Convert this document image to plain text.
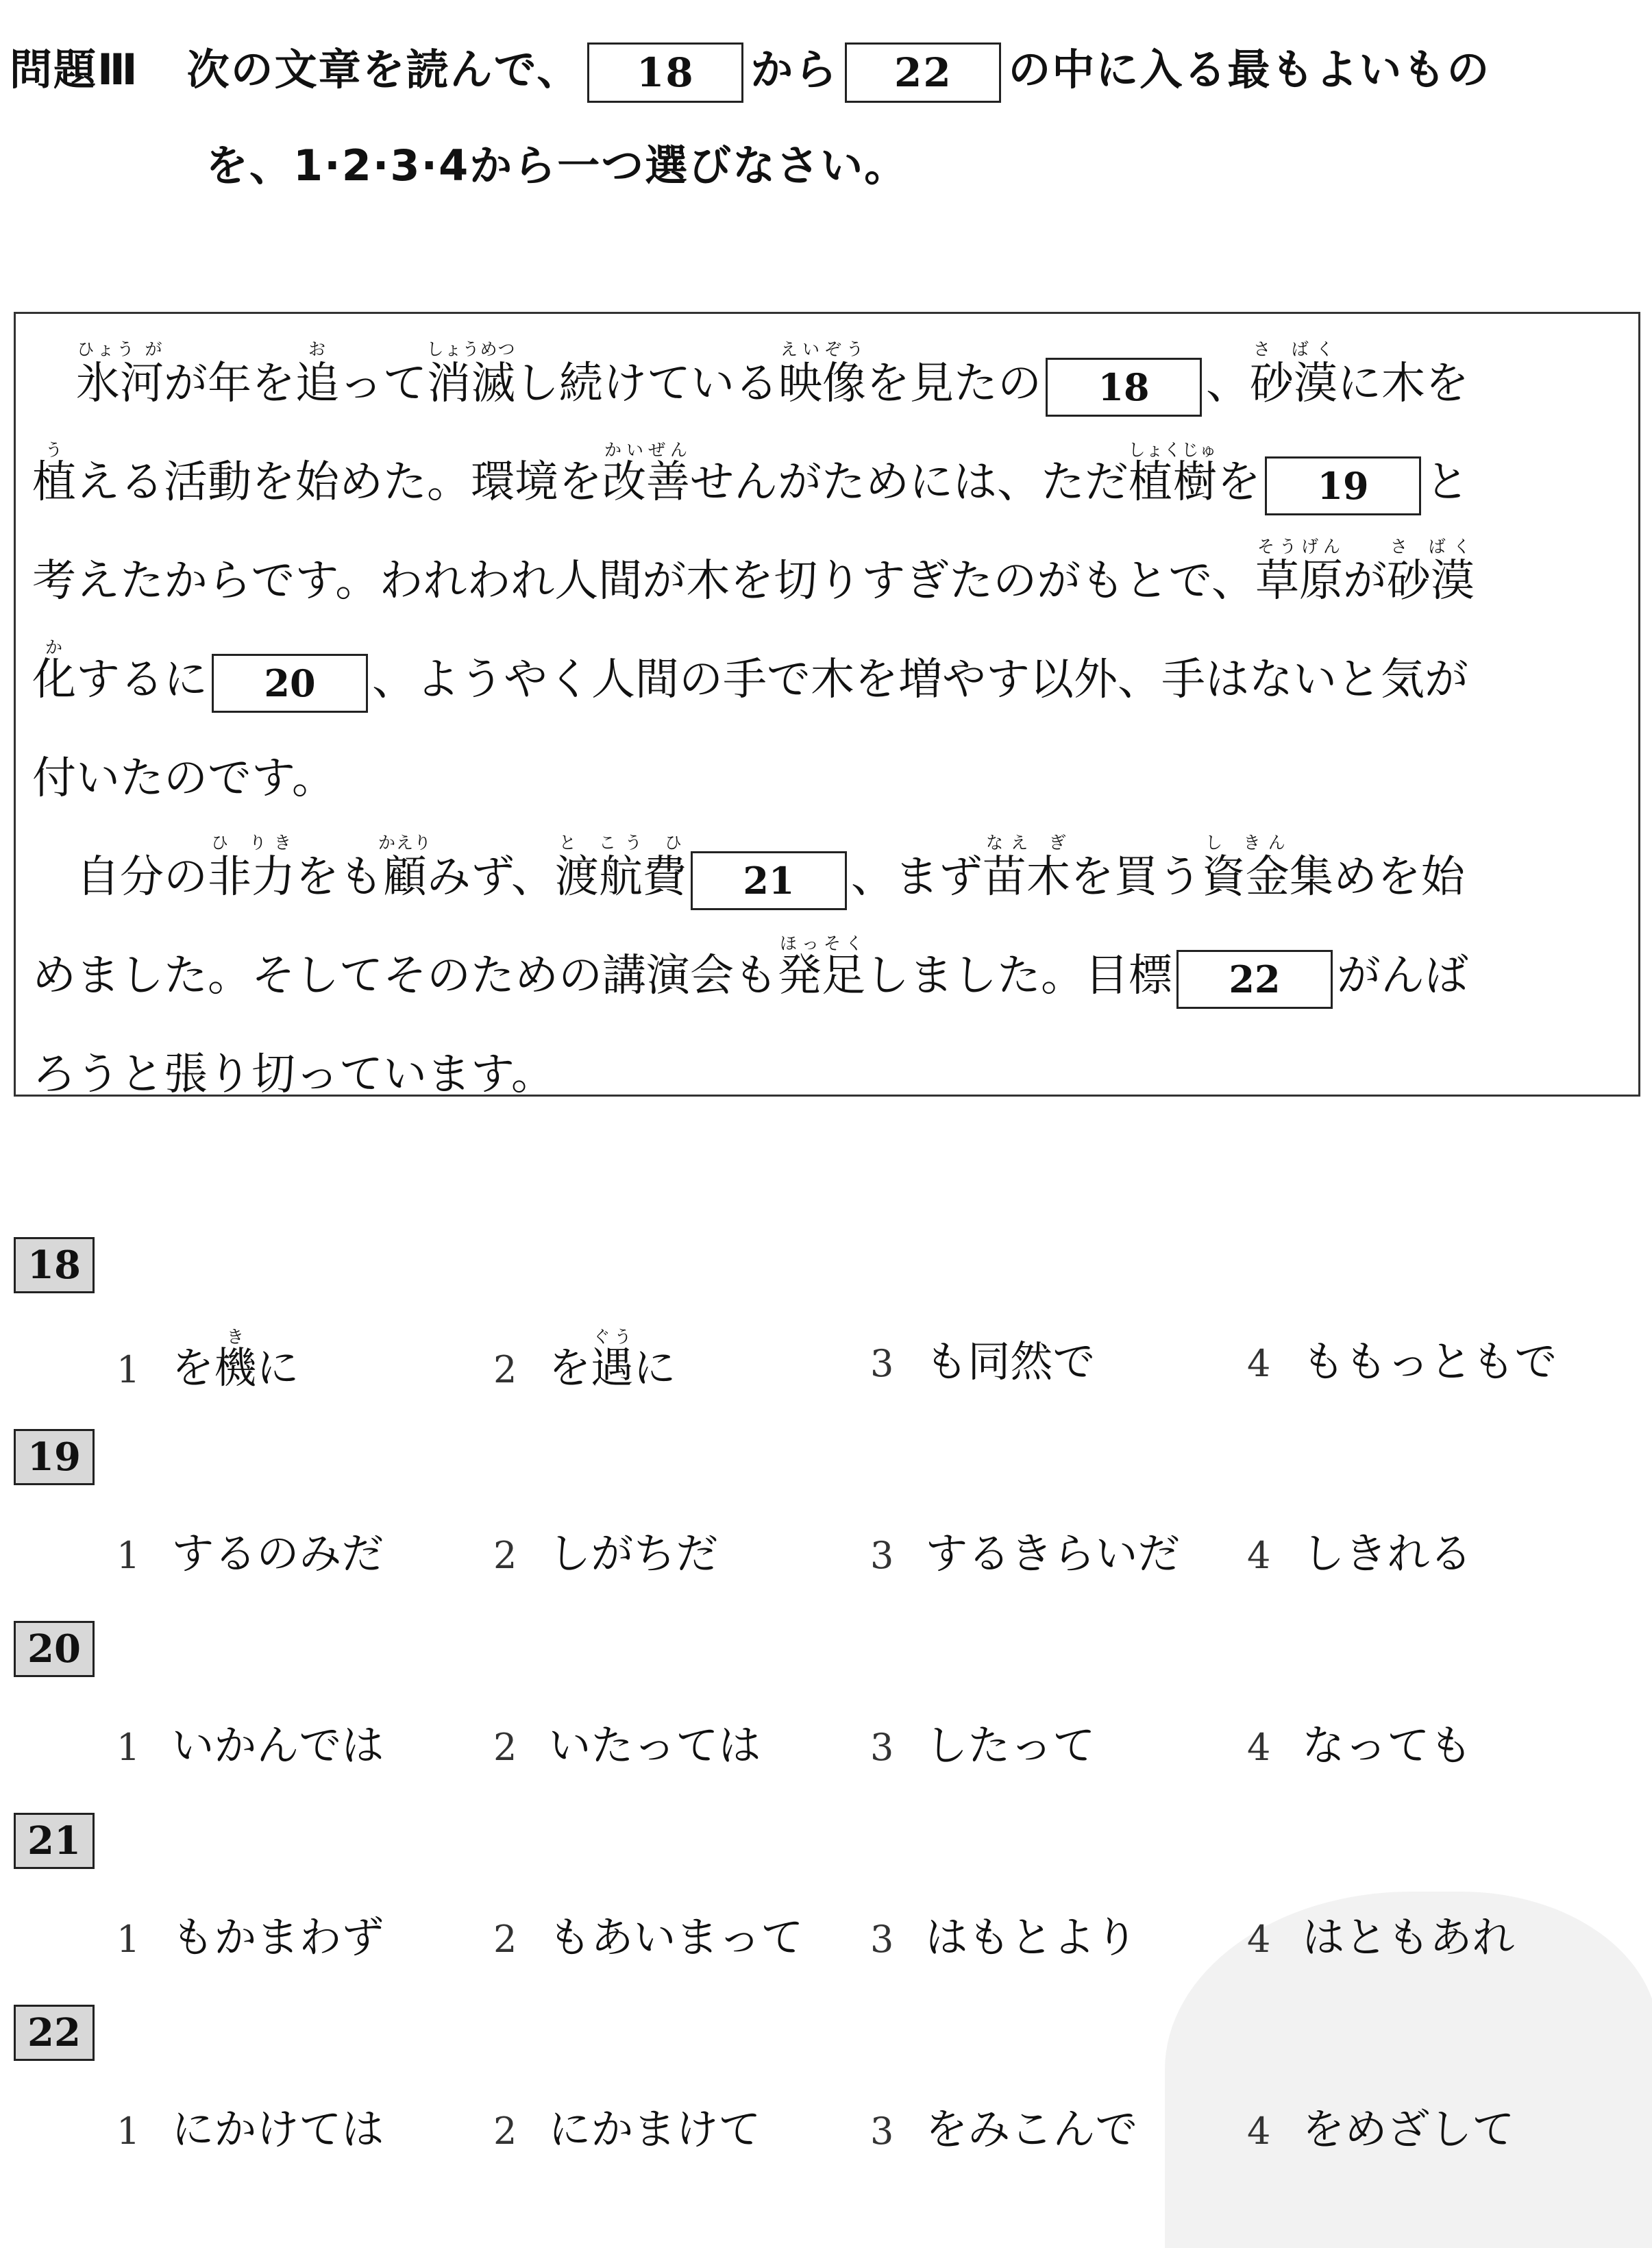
問題Ⅲ 次の文章を読んで、 18 から 22 の中に入る最もよいもの
を、1·2·3·4から一つ選びなさい。
　氷河ひょう がが年を追おって消滅しょうめつし続けている映像えいぞうを見たの 18 、砂漠さ ばくに木を
植うえる活動を始めた。環境を改善かいぜんせんがためには、ただ植樹しょくじゅを 19 と
考えたからです。われわれ人間が木を切りすぎたのがもとで、草原そうげんが砂漠さ ばく
化かするに 20 、ようやく人間の手で木を増やす以外、手はないと気が
付いたのです。
　自分の非力ひ りきをも顧かえりみず、渡航費と こう ひ21 、まず苗木なえ ぎを買う資金し きん集めを始
めました。そしてそのための講演会も発足ほっそくしました。目標 22 がんば
ろうと張り切っています。
18
1 を機きに	2 を遇ぐうに	3 も同然で	4 ももっともで
19
1 するのみだ	2 しがちだ	3 するきらいだ 4 しきれる
20
1 いかんでは	2 いたっては	3 したって	4 なっても
21
1 もかまわず	2 もあいまって 3 はもとより	4 はともあれ
22
1 にかけては	2 にかまけて	3 をみこんで	4 をめざして
